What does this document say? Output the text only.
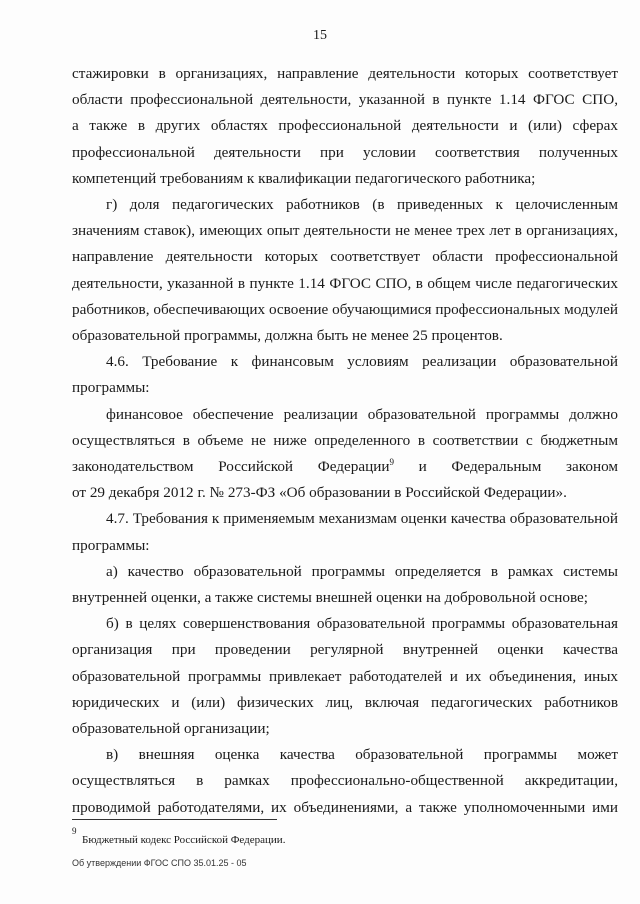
15
стажировки в организациях, направление деятельности которых соответствует
области профессиональной деятельности, указанной в пункте 1.14 ФГОС СПО,
а также в других областях профессиональной деятельности и (или) сферах
профессиональной деятельности при условии соответствия полученных
компетенций требованиям к квалификации педагогического работника;
г) доля педагогических работников (в приведенных к целочисленным
значениям ставок), имеющих опыт деятельности не менее трех лет в организациях,
направление деятельности которых соответствует области профессиональной
деятельности, указанной в пункте 1.14 ФГОС СПО, в общем числе педагогических
работников, обеспечивающих освоение обучающимися профессиональных модулей
образовательной программы, должна быть не менее 25 процентов.
4.6. Требование к финансовым условиям реализации образовательной
программы:
финансовое обеспечение реализации образовательной программы должно
осуществляться в объеме не ниже определенного в соответствии с бюджетным
законодательством Российской Федерации$^9$ и Федеральным законом
от 29 декабря 2012 г. № 273-ФЗ «Об образовании в Российской Федерации».
4.7. Требования к применяемым механизмам оценки качества образовательной
программы:
а) качество образовательной программы определяется в рамках системы
внутренней оценки, а также системы внешней оценки на добровольной основе;
б) в целях совершенствования образовательной программы образовательная
организация при проведении регулярной внутренней оценки качества
образовательной программы привлекает работодателей и их объединения, иных
юридических и (или) физических лиц, включая педагогических работников
образовательной организации;
в) внешняя оценка качества образовательной программы может
осуществляться в рамках профессионально-общественной аккредитации,
проводимой работодателями, их объединениями, а также уполномоченными ими
9
Бюджетный кодекс Российской Федерации.
Об утверждении ФГОС СПО 35.01.25 - 05
